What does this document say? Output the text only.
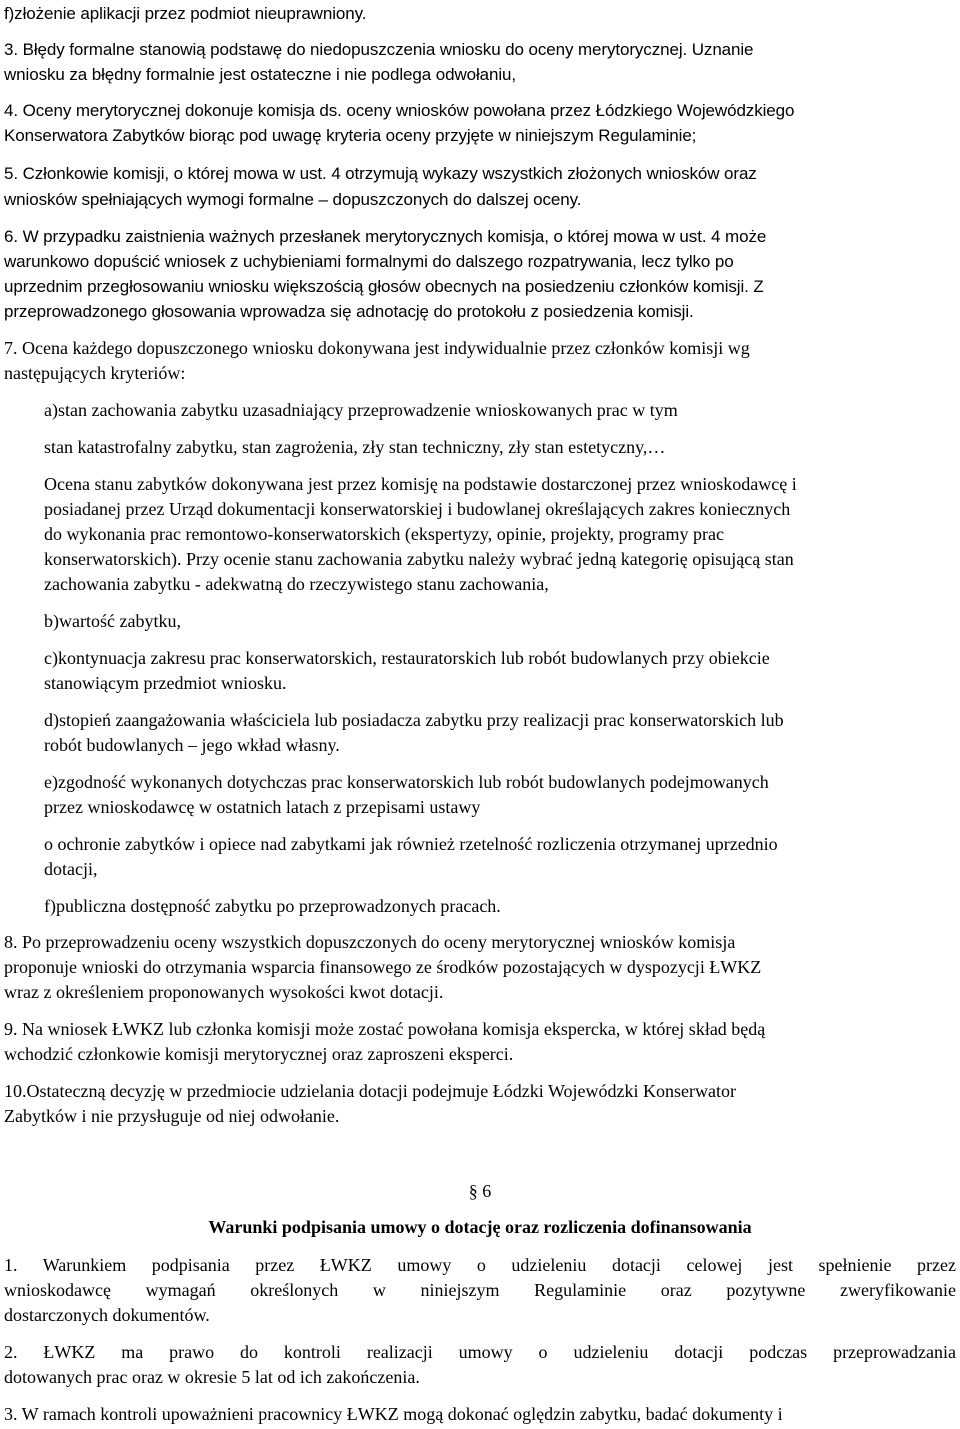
f)złożenie aplikacji przez podmiot nieuprawniony.

3. Błędy formalne stanowią podstawę do niedopuszczenia wniosku do oceny merytorycznej. Uznanie

wniosku za błędny formalnie jest ostateczne i nie podlega odwołaniu,

4. Oceny merytorycznej dokonuje komisja ds. oceny wniosków powołana przez Łódzkiego Wojewódzkiego

Konserwatora Zabytków biorąc pod uwagę kryteria oceny przyjęte w niniejszym Regulaminie;

5. Członkowie komisji, o której mowa w ust. 4 otrzymują wykazy wszystkich złożonych wniosków oraz

wniosków spełniających wymogi formalne – dopuszczonych do dalszej oceny.

6. W przypadku zaistnienia ważnych przesłanek merytorycznych komisja, o której mowa w ust. 4 może

warunkowo dopuścić wniosek z uchybieniami formalnymi do dalszego rozpatrywania, lecz tylko po

uprzednim przegłosowaniu wniosku większością głosów obecnych na posiedzeniu członków komisji. Z

przeprowadzonego głosowania wprowadza się adnotację do protokołu z posiedzenia komisji.

7. Ocena każdego dopuszczonego wniosku dokonywana jest indywidualnie przez członków komisji wg

następujących kryteriów:

a)stan zachowania zabytku uzasadniający przeprowadzenie wnioskowanych prac w tym

stan katastrofalny zabytku, stan zagrożenia, zły stan techniczny, zły stan estetyczny,…

Ocena stanu zabytków dokonywana jest przez komisję na podstawie dostarczonej przez wnioskodawcę i

posiadanej przez Urząd dokumentacji konserwatorskiej i budowlanej określających zakres koniecznych

do wykonania prac remontowo-konserwatorskich (ekspertyzy, opinie, projekty, programy prac

konserwatorskich). Przy ocenie stanu zachowania zabytku należy wybrać jedną kategorię opisującą stan

zachowania zabytku - adekwatną do rzeczywistego stanu zachowania,

b)wartość zabytku,

c)kontynuacja zakresu prac konserwatorskich, restauratorskich lub robót budowlanych przy obiekcie

stanowiącym przedmiot wniosku.

d)stopień zaangażowania właściciela lub posiadacza zabytku przy realizacji prac konserwatorskich lub

robót budowlanych – jego wkład własny.

e)zgodność wykonanych dotychczas prac konserwatorskich lub robót budowlanych podejmowanych

przez wnioskodawcę w ostatnich latach z przepisami ustawy

o ochronie zabytków i opiece nad zabytkami jak również rzetelność rozliczenia otrzymanej uprzednio

dotacji,

f)publiczna dostępność zabytku po przeprowadzonych pracach.

8. Po przeprowadzeniu oceny wszystkich dopuszczonych do oceny merytorycznej wniosków komisja

proponuje wnioski do otrzymania wsparcia finansowego ze środków pozostających w dyspozycji ŁWKZ

wraz z określeniem proponowanych wysokości kwot dotacji.

9. Na wniosek ŁWKZ lub członka komisji może zostać powołana komisja ekspercka, w której skład będą

wchodzić członkowie komisji merytorycznej oraz zaproszeni eksperci.

10.Ostateczną decyzję w przedmiocie udzielania dotacji podejmuje Łódzki Wojewódzki Konserwator

Zabytków i nie przysługuje od niej odwołanie.

§ 6

Warunki podpisania umowy o dotację oraz rozliczenia dofinansowania

1. Warunkiem podpisania przez ŁWKZ umowy o udzieleniu dotacji celowej jest spełnienie przez

wnioskodawcę wymagań określonych w niniejszym Regulaminie oraz pozytywne zweryfikowanie

dostarczonych dokumentów.

2. ŁWKZ ma prawo do kontroli realizacji umowy o udzieleniu dotacji podczas przeprowadzania

dotowanych prac oraz w okresie 5 lat od ich zakończenia.

3. W ramach kontroli upoważnieni pracownicy ŁWKZ mogą dokonać oględzin zabytku, badać dokumenty i
